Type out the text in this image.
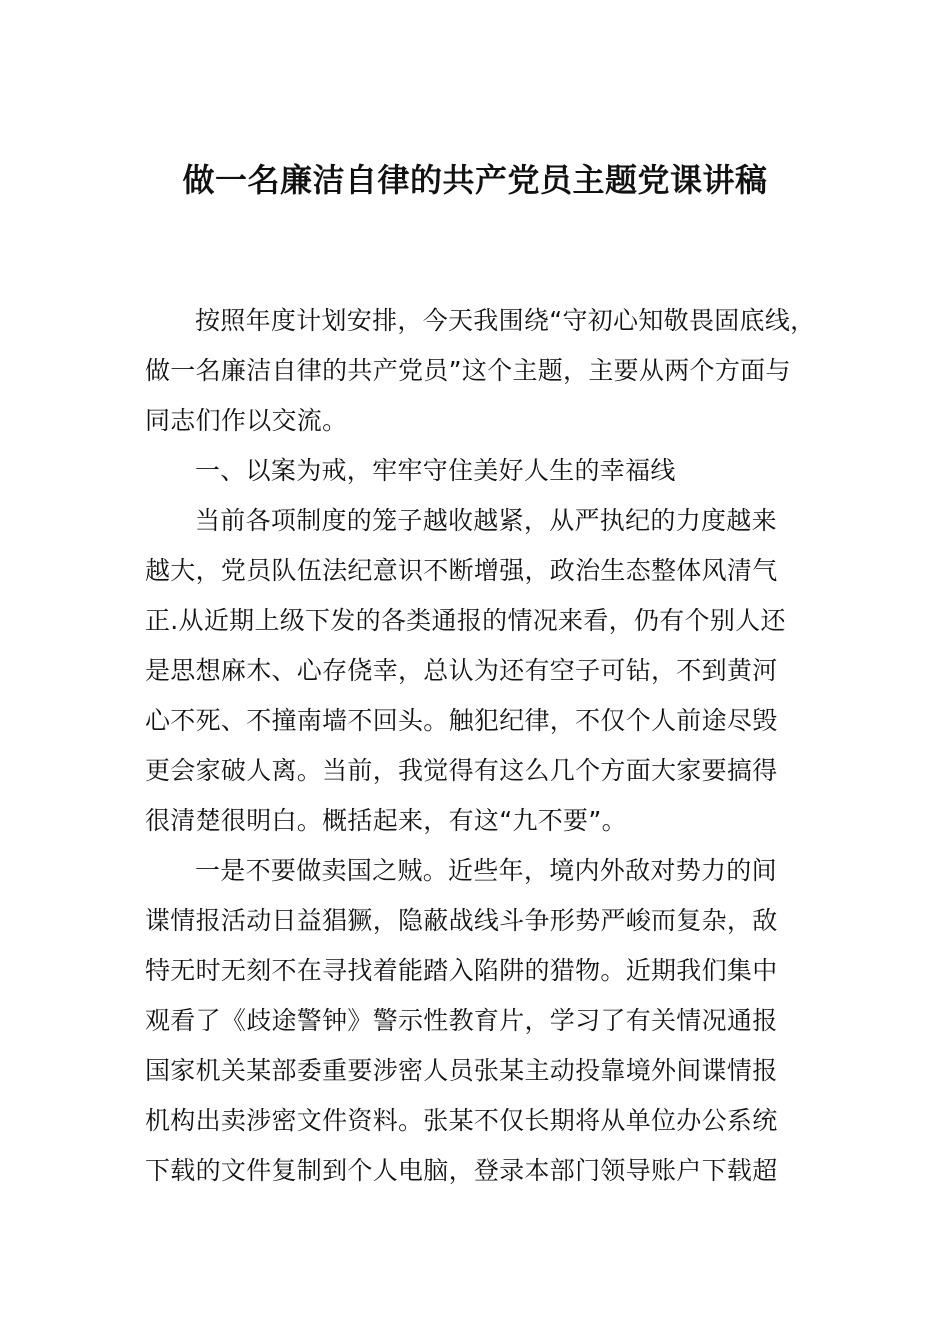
做一名廉洁自律的共产党员主题党课讲稿
按照年度计划安排，今天我围绕“守初心知敬畏固底线，
做一名廉洁自律的共产党员”这个主题，主要从两个方面与
同志们作以交流。
一、以案为戒，牢牢守住美好人生的幸福线
当前各项制度的笼子越收越紧，从严执纪的力度越来
越大，党员队伍法纪意识不断增强，政治生态整体风清气
正.从近期上级下发的各类通报的情况来看，仍有个别人还
是思想麻木、心存侥幸，总认为还有空子可钻，不到黄河
心不死、不撞南墙不回头。触犯纪律，不仅个人前途尽毁
更会家破人离。当前，我觉得有这么几个方面大家要搞得
很清楚很明白。概括起来，有这“九不要”。
一是不要做卖国之贼。近些年，境内外敌对势力的间
谍情报活动日益猖獗，隐蔽战线斗争形势严峻而复杂，敌
特无时无刻不在寻找着能踏入陷阱的猎物。近期我们集中
观看了《歧途警钟》警示性教育片，学习了有关情况通报
国家机关某部委重要涉密人员张某主动投靠境外间谍情报
机构出卖涉密文件资料。张某不仅长期将从单位办公系统
下载的文件复制到个人电脑，登录本部门领导账户下载超
